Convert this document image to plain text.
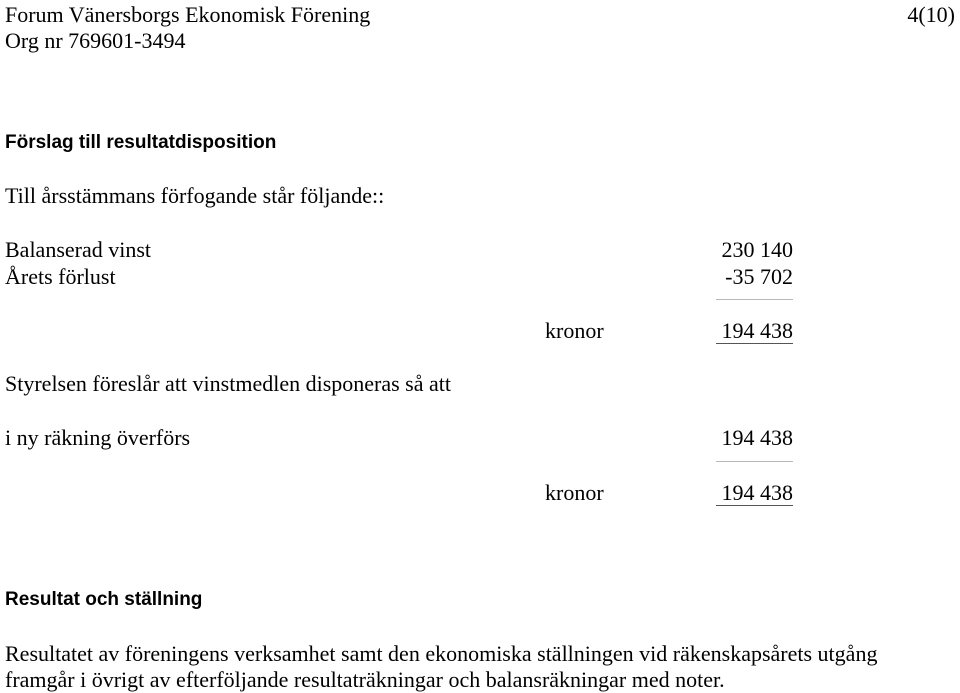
Forum Vänersborgs Ekonomisk Förening	4(10)
Org nr 769601-3494
Förslag till resultatdisposition
Till årsstämmans förfogande står följande::
Balanserad vinst	230 140
Årets förlust	-35 702
kronor	194 438
Styrelsen föreslår att vinstmedlen disponeras så att
i ny räkning överförs	194 438
kronor	194 438
Resultat och ställning
Resultatet av föreningens verksamhet samt den ekonomiska ställningen vid räkenskapsårets utgång
framgår i övrigt av efterföljande resultaträkningar och balansräkningar med noter.
